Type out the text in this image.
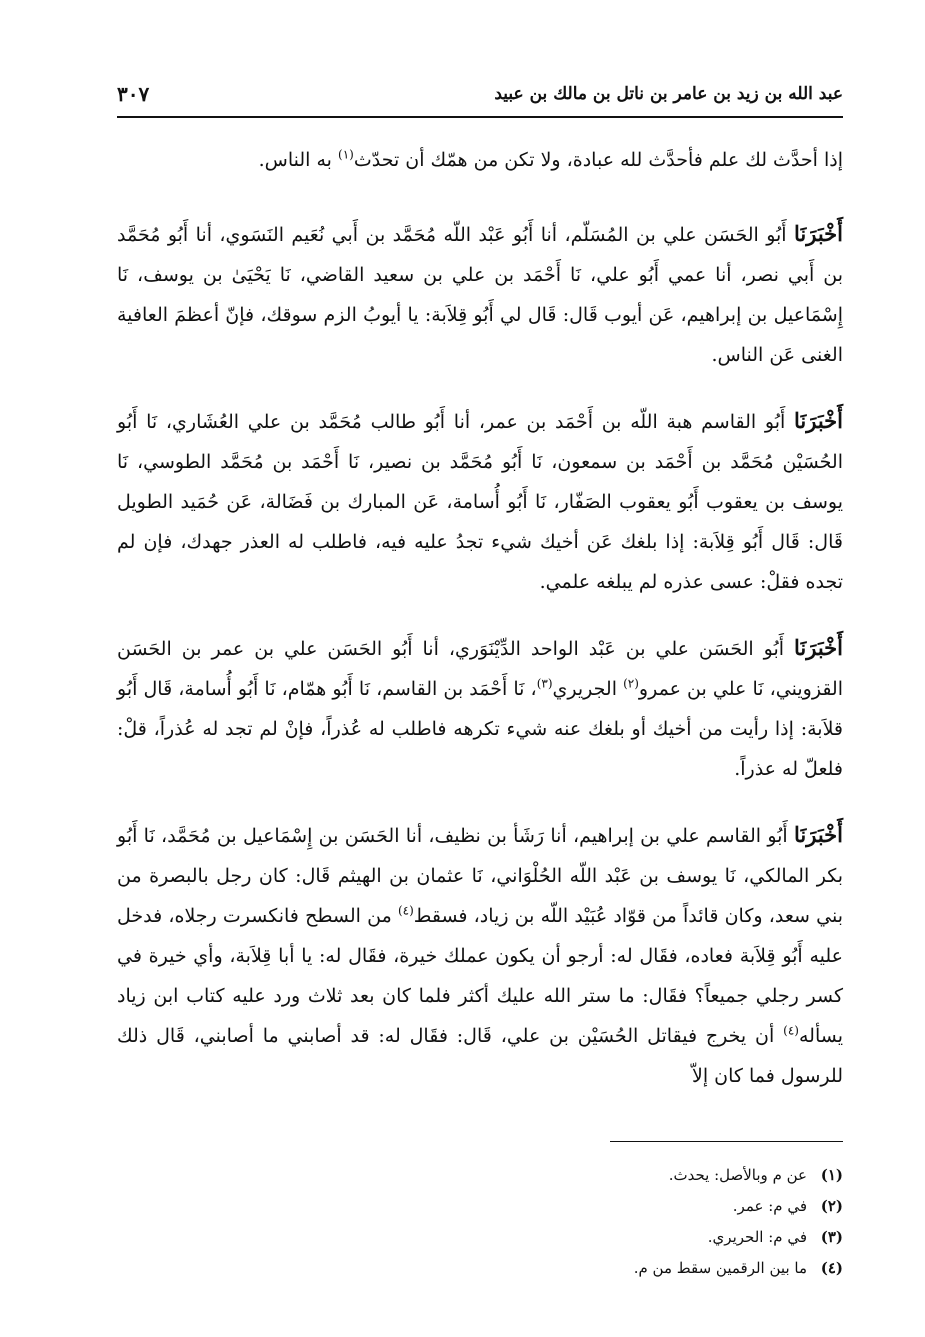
عبد الله بن زيد بن عامر بن ناتل بن مالك بن عبيد
٣٠٧

إذا أحدَّث لك علم فأحدَّث لله عبادة، ولا تكن من همّك أن تحدّث$^{(١)}$ به الناس.

أَخْبَرَنَا أَبُو الحَسَن علي بن المُسَلّم، أنا أَبُو عَبْد اللّه مُحَمَّد بن أَبي نُعَيم النَسَوي، أنا أَبُو مُحَمَّد بن أَبي نصر، أنا عمي أَبُو علي، نَا أَحْمَد بن علي بن سعيد القاضي، نَا يَحْيَىٰ بن يوسف، نَا إِسْمَاعيل بن إبراهيم، عَن أيوب قَال: قَال لي أَبُو قِلاَبة: يا أيوبُ الزم سوقك، فإنّ أعظمَ العافية الغنى عَن الناس.

أَخْبَرَنَا أَبُو القاسم هبة اللّه بن أَحْمَد بن عمر، أنا أَبُو طالب مُحَمَّد بن علي العُشَاري، نَا أَبُو الحُسَيْن مُحَمَّد بن أَحْمَد بن سمعون، نَا أَبُو مُحَمَّد بن نصير، نَا أَحْمَد بن مُحَمَّد الطوسي، نَا يوسف بن يعقوب أَبُو يعقوب الصَفّار، نَا أَبُو أُسامة، عَن المبارك بن فَضَالة، عَن حُمَيد الطويل قَال: قَال أَبُو قِلاَبة: إذا بلغك عَن أخيك شيء تجدُ عليه فيه، فاطلب له العذر جهدك، فإن لم تجده فقلْ: عسى عذره لم يبلغه علمي.

أَخْبَرَنَا أَبُو الحَسَن علي بن عَبْد الواحد الدِّيْنَوَري، أنا أَبُو الحَسَن علي بن عمر بن الحَسَن القزويني، نَا علي بن عمرو$^{(٢)}$ الجريري$^{(٣)}$، نَا أَحْمَد بن القاسم، نَا أَبُو همّام، نَا أَبُو أُسامة، قَال أَبُو قلاَبة: إذا رأيت من أخيك أو بلغك عنه شيء تكرهه فاطلب له عُذراً، فإنْ لم تجد له عُذراً، قلْ: فلعلّ له عذراً.

أَخْبَرَنَا أَبُو القاسم علي بن إبراهيم، أنا رَشَأ بن نظيف، أنا الحَسَن بن إِسْمَاعيل بن مُحَمَّد، نَا أَبُو بكر المالكي، نَا يوسف بن عَبْد اللّه الحُلْوَاني، نَا عثمان بن الهيثم قَال: كان رجل بالبصرة من بني سعد، وكان قائداً من قوّاد عُبَيْد اللّه بن زياد، فسقط$^{(٤)}$ من السطح فانكسرت رجلاه، فدخل عليه أَبُو قِلاَبة فعاده، فقَال له: أرجو أن يكون عملك خيرة، فقَال له: يا أبا قِلاَبة، وأي خيرة في كسر رجلي جميعاً؟ فقَال: ما ستر الله عليك أكثر فلما كان بعد ثلاث ورد عليه كتاب ابن زياد يسأله$^{(٤)}$ أن يخرج فيقاتل الحُسَيْن بن علي، قَال: فقَال له: قد أصابني ما أصابني، قَال ذلك للرسول فما كان إلاّ

(١)
عن م وبالأصل: يحدث.
(٢)
في م: عمر.
(٣)
في م: الحريري.
(٤)
ما بين الرقمين سقط من م.
